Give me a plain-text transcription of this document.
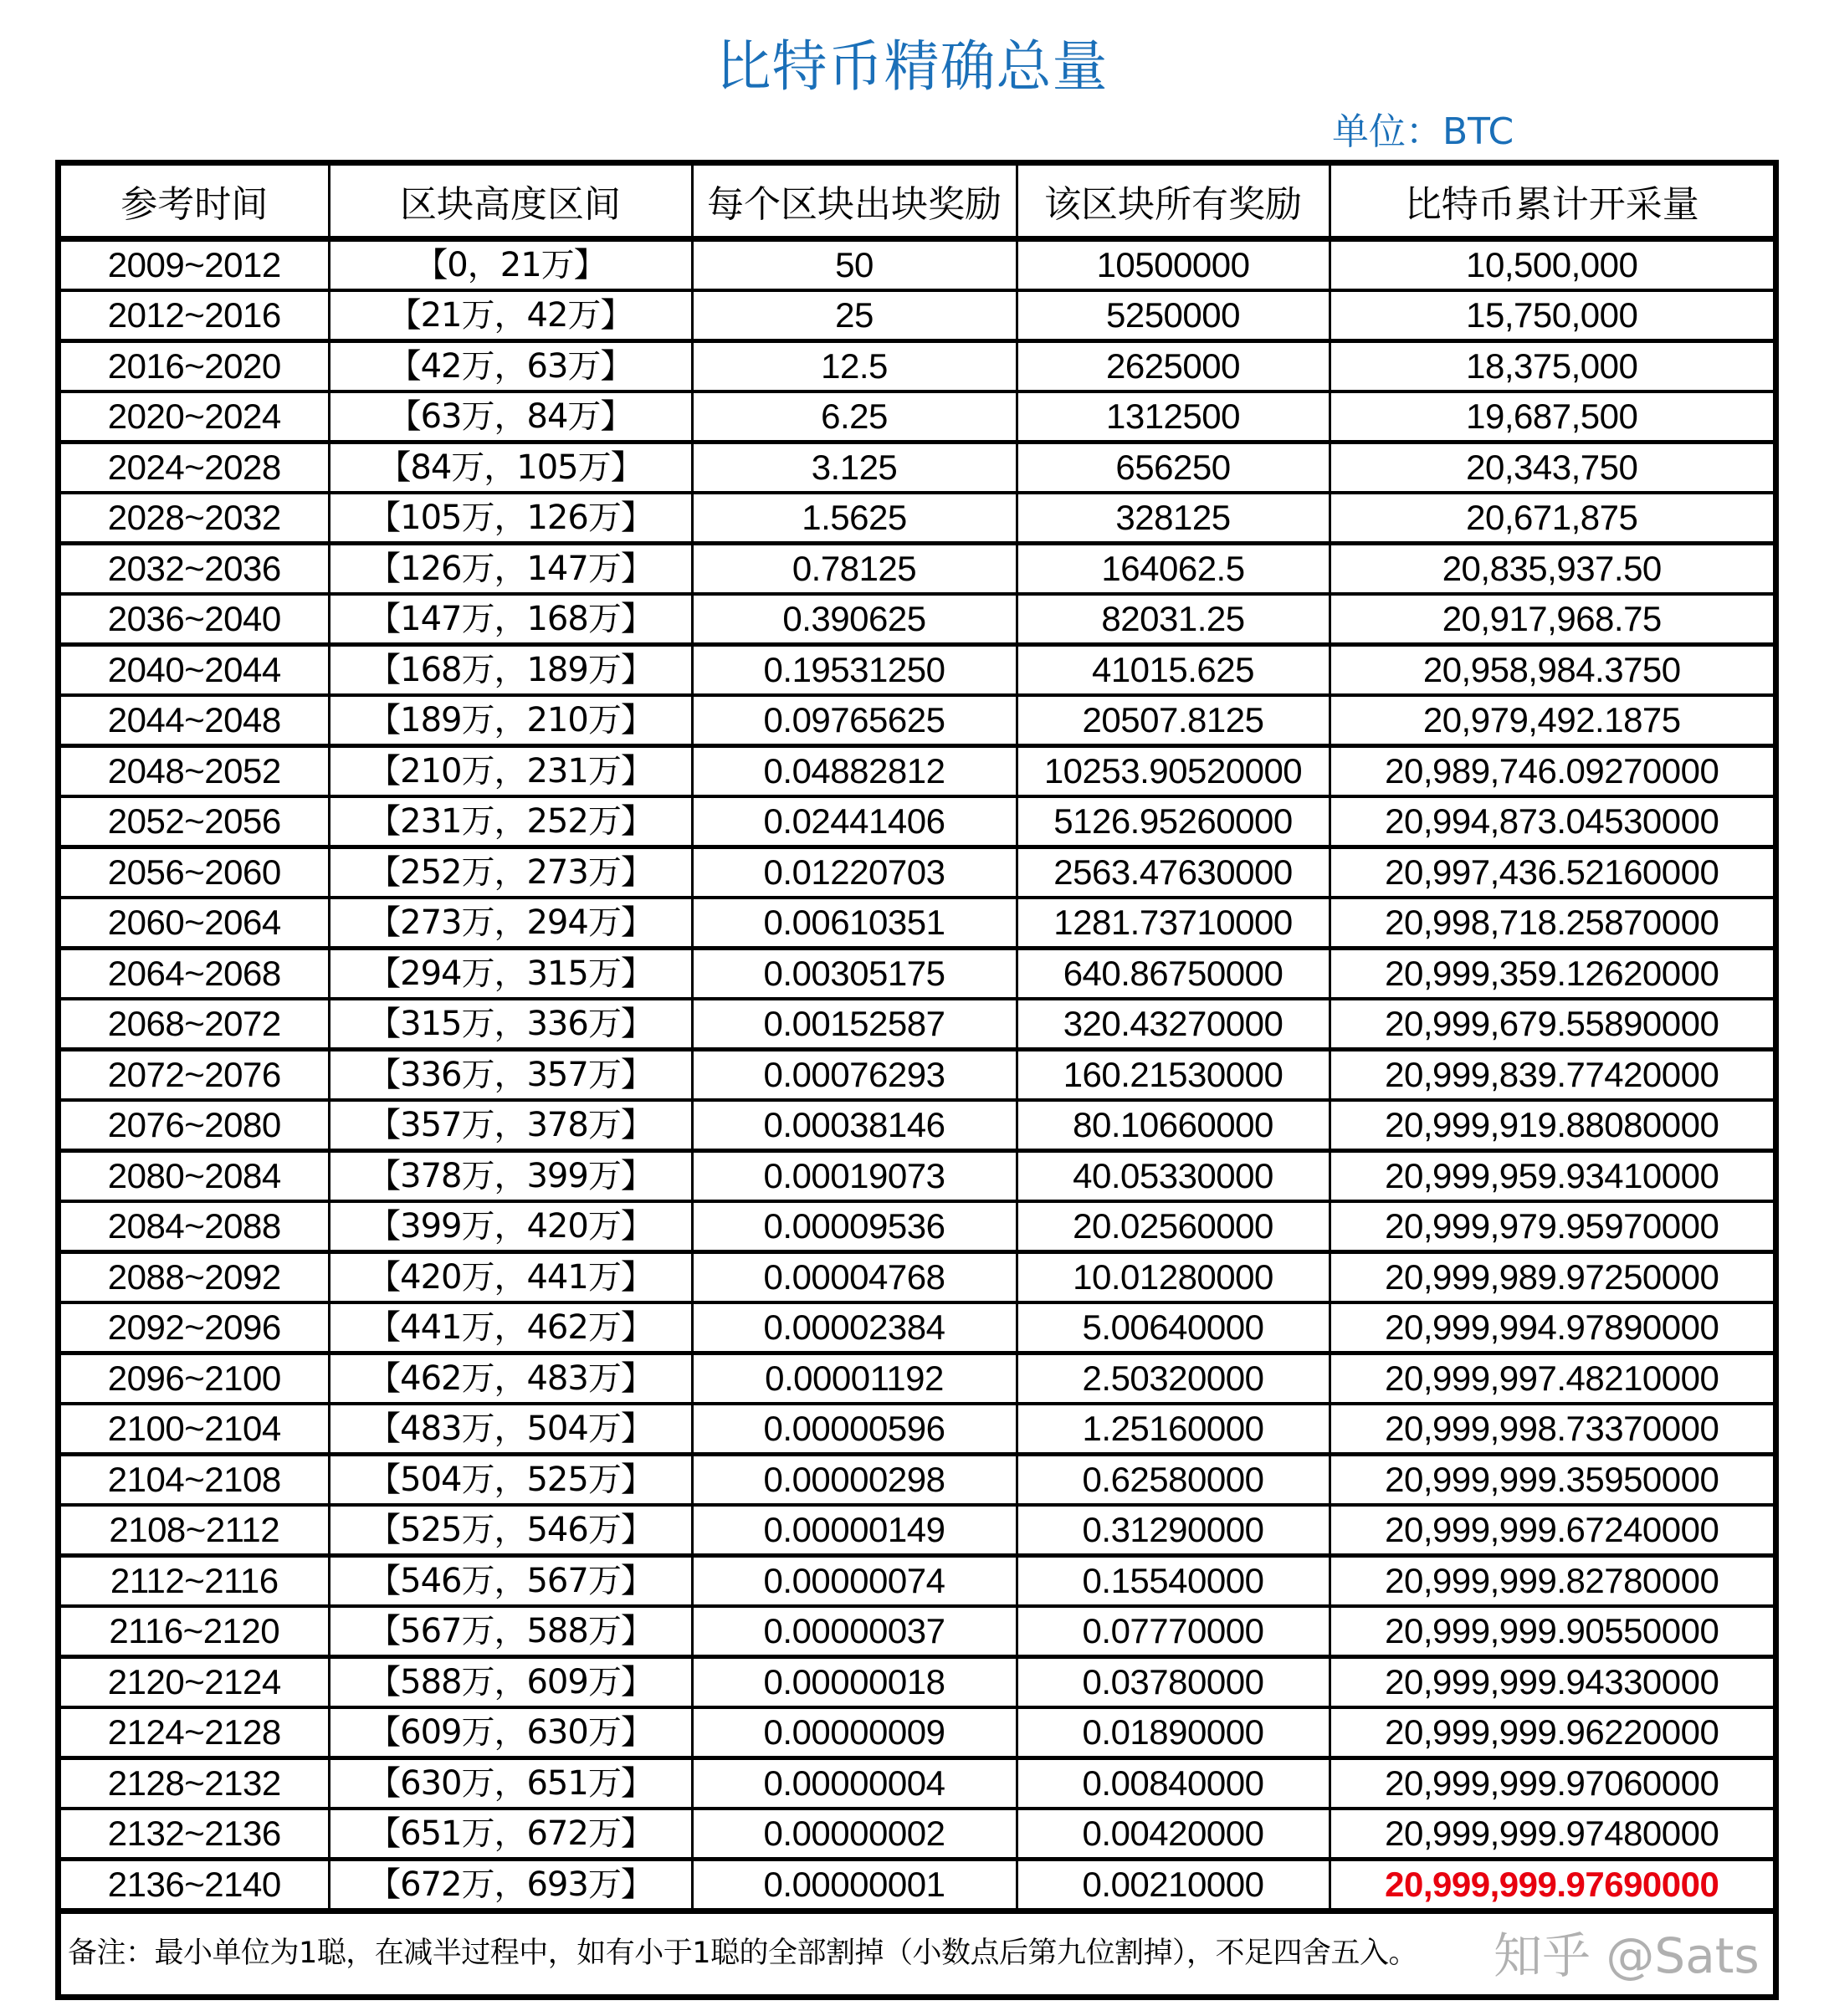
比特币精确总量
单位：BTC
参考时间	区块高度区间	每个区块出块奖励	该区块所有奖励	比特币累计开采量
2009~2012	【0，21万】	50	10500000	10,500,000
2012~2016	【21万，42万】	25	5250000	15,750,000
2016~2020	【42万，63万】	12.5	2625000	18,375,000
2020~2024	【63万，84万】	6.25	1312500	19,687,500
2024~2028	【84万，105万】	3.125	656250	20,343,750
2028~2032	【105万，126万】	1.5625	328125	20,671,875
2032~2036	【126万，147万】	0.78125	164062.5	20,835,937.50
2036~2040	【147万，168万】	0.390625	82031.25	20,917,968.75
2040~2044	【168万，189万】	0.19531250	41015.625	20,958,984.3750
2044~2048	【189万，210万】	0.09765625	20507.8125	20,979,492.1875
2048~2052	【210万，231万】	0.04882812	10253.90520000	20,989,746.09270000
2052~2056	【231万，252万】	0.02441406	5126.95260000	20,994,873.04530000
2056~2060	【252万，273万】	0.01220703	2563.47630000	20,997,436.52160000
2060~2064	【273万，294万】	0.00610351	1281.73710000	20,998,718.25870000
2064~2068	【294万，315万】	0.00305175	640.86750000	20,999,359.12620000
2068~2072	【315万，336万】	0.00152587	320.43270000	20,999,679.55890000
2072~2076	【336万，357万】	0.00076293	160.21530000	20,999,839.77420000
2076~2080	【357万，378万】	0.00038146	80.10660000	20,999,919.88080000
2080~2084	【378万，399万】	0.00019073	40.05330000	20,999,959.93410000
2084~2088	【399万，420万】	0.00009536	20.02560000	20,999,979.95970000
2088~2092	【420万，441万】	0.00004768	10.01280000	20,999,989.97250000
2092~2096	【441万，462万】	0.00002384	5.00640000	20,999,994.97890000
2096~2100	【462万，483万】	0.00001192	2.50320000	20,999,997.48210000
2100~2104	【483万，504万】	0.00000596	1.25160000	20,999,998.73370000
2104~2108	【504万，525万】	0.00000298	0.62580000	20,999,999.35950000
2108~2112	【525万，546万】	0.00000149	0.31290000	20,999,999.67240000
2112~2116	【546万，567万】	0.00000074	0.15540000	20,999,999.82780000
2116~2120	【567万，588万】	0.00000037	0.07770000	20,999,999.90550000
2120~2124	【588万，609万】	0.00000018	0.03780000	20,999,999.94330000
2124~2128	【609万，630万】	0.00000009	0.01890000	20,999,999.96220000
2128~2132	【630万，651万】	0.00000004	0.00840000	20,999,999.97060000
2132~2136	【651万，672万】	0.00000002	0.00420000	20,999,999.97480000
2136~2140	【672万，693万】	0.00000001	0.00210000	20,999,999.97690000
备注：最小单位为1聪，在减半过程中，如有小于1聪的全部割掉（小数点后第九位割掉），不足四舍五入。 知乎 @Sats
